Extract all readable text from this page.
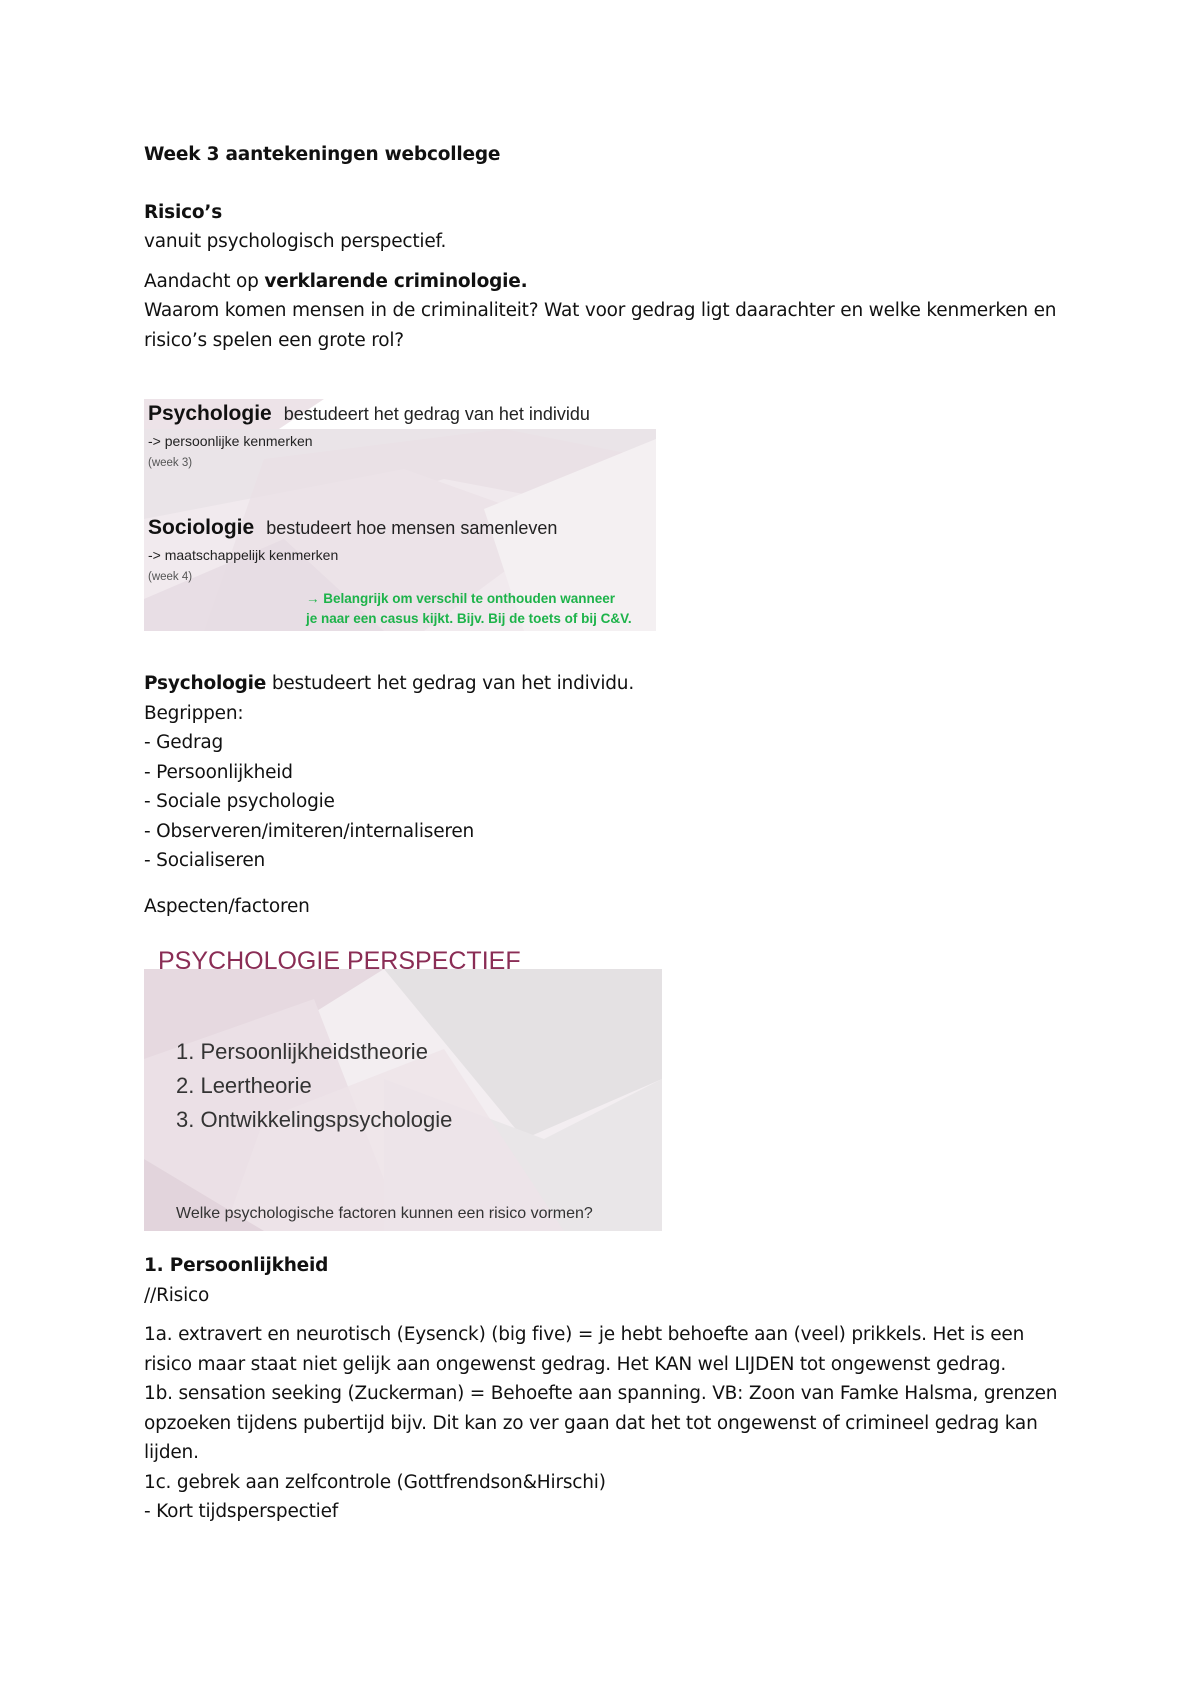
Week 3 aantekeningen webcollege

Risico’s

vanuit psychologisch perspectief.

Aandacht op verklarende criminologie.

Waarom komen mensen in de criminaliteit? Wat voor gedrag ligt daarachter en welke kenmerken en risico’s spelen een grote rol?

Psychologie bestudeert het gedrag van het individu
-> persoonlijke kenmerken
(week 3)
Sociologie bestudeert hoe mensen samenleven
-> maatschappelijk kenmerken
(week 4)
→ Belangrijk om verschil te onthouden wanneer
je naar een casus kijkt. Bijv. Bij de toets of bij C&V.

Psychologie bestudeert het gedrag van het individu.

Begrippen:

- Gedrag

- Persoonlijkheid

- Sociale psychologie

- Observeren/imiteren/internaliseren

- Socialiseren

Aspecten/factoren

PSYCHOLOGIE PERSPECTIEF
1. Persoonlijkheidstheorie
2. Leertheorie
3. Ontwikkelingspsychologie
Welke psychologische factoren kunnen een risico vormen?

1. Persoonlijkheid

//Risico

1a. extravert en neurotisch (Eysenck) (big five) = je hebt behoefte aan (veel) prikkels. Het is een risico maar staat niet gelijk aan ongewenst gedrag. Het KAN wel LIJDEN tot ongewenst gedrag.

1b. sensation seeking (Zuckerman) = Behoefte aan spanning. VB: Zoon van Famke Halsma, grenzen opzoeken tijdens pubertijd bijv. Dit kan zo ver gaan dat het tot ongewenst of crimineel gedrag kan lijden.

1c. gebrek aan zelfcontrole (Gottfrendson&Hirschi)

- Kort tijdsperspectief
